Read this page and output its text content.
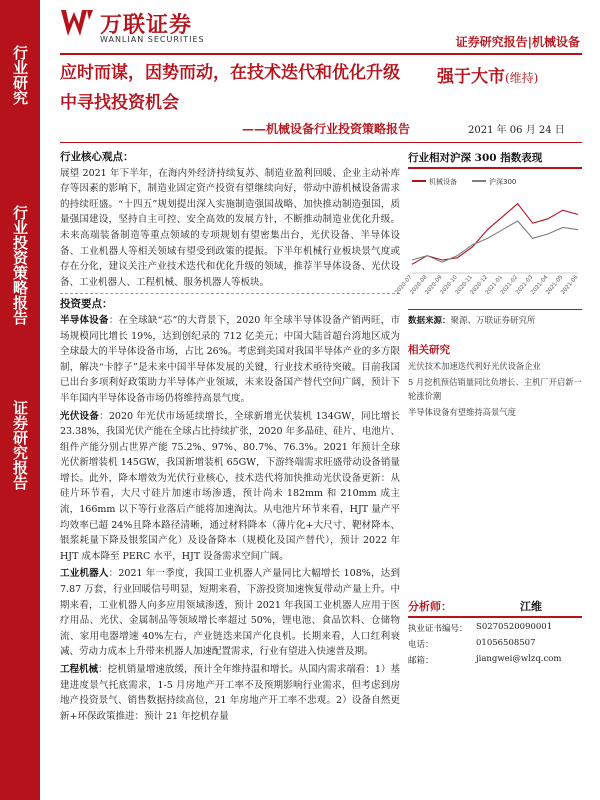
行业研究
行业投资策略报告
证券研究报告
万联证券
WANLIAN SECURITIES	证券研究报告|机械设备
应时而谋，因势而动，在技术迭代和优化升级中寻找投资机会
——机械设备行业投资策略报告
强于大市(维持)
2021 年 06 月 24 日
行业核心观点：

展望 2021 年下半年，在海内外经济持续复苏、制造业盈利回暖、企业主动补库存等因素的影响下，制造业固定资产投资有望继续向好，带动中游机械设备需求的持续旺盛。“十四五”规划提出深入实施制造强国战略、加快推动制造强国，质量强国建设，坚持自主可控、安全高效的发展方针，不断推动制造业优化升级。未来高端装备制造等重点领域的专项规划有望密集出台，光伏设备、半导体设备、工业机器人等相关领域有望受到政策的提振。下半年机械行业板块景气度或存在分化，建议关注产业技术迭代和优化升级的领域，推荐半导体设备、光伏设备、工业机器人、工程机械、服务机器人等板块。

投资要点：

半导体设备：在全球缺“芯”的大背景下，2020 年全球半导体设备产销两旺，市场规模同比增长 19%，达到创纪录的 712 亿美元；中国大陆首超台湾地区成为全球最大的半导体设备市场，占比 26%。考虑到美国对我国半导体产业的多方限制，解决“卡脖子”是未来中国半导体发展的关键，行业技术亟待突破。目前我国已出台多项利好政策助力半导体产业领域，未来设备国产替代空间广阔，预计下半年国内半导体设备市场仍将维持高景气度。

光伏设备：2020 年光伏市场延续增长，全球新增光伏装机 134GW，同比增长 23.38%，我国光伏产能在全球占比持续扩张，2020 年多晶硅、硅片、电池片、组件产能分别占世界产能 75.2%、97%、80.7%、76.3%。2021 年预计全球光伏新增装机 145GW，我国新增装机 65GW，下游终端需求旺盛带动设备销量增长。此外，降本增效为光伏行业核心，技术迭代将加快推动光伏设备更新：从硅片环节看，大尺寸硅片加速市场渗透，预计尚未 182mm 和 210mm 成主流，166mm 以下等行业落后产能将加速淘汰。从电池片环节来看，HJT 量产平均效率已超 24%且降本路径清晰，通过材料降本（薄片化+大尺寸、靶材降本、银浆耗量下降及银浆国产化）及设备降本（规模化及国产替代），预计 2022 年 HJT 成本降至 PERC 水平，HJT 设备需求空间广阔。

工业机器人：2021 年一季度，我国工业机器人产量同比大幅增长 108%，达到 7.87 万套，行业回暖信号明显，短期来看，下游投资加速恢复带动产量上升。中期来看，工业机器人向多应用领域渗透，预计 2021 年我国工业机器人应用于医疗用品、光伏、金属制品等领域增长率超过 50%，锂电池、食品饮料、仓储物流、家用电器增速 40%左右，产业链迭来国产化良机。长期来看，人口红利衰减、劳动力成本上升带来机器人加速配置需求，行业有望进入快速普及期。

工程机械：挖机销量增速放缓，预计全年维持温和增长。从国内需求端看：1）基建进度景气托底需求，1-5 月房地产开工率不及预期影响行业需求，但考虑到房地产投资景气、销售数据持续高位，21 年房地产开工率不悲观。2）设备自然更新+环保政策推进：预计 21 年挖机存量

行业相对沪深 300 指数表现
机械设备	沪深300
2020-07
2020-08
2020-09
2020-10
2020-11
2020-12
2021-01
2021-02
2021-03
2021-04
2021-05
2021-06
数据来源：聚源、万联证券研究所
相关研究
光伏技术加速迭代利好光伏设备企业
5 月挖机预估销量同比负增长、主机厂开启新一轮涨价潮
半导体设备有望维持高景气度
分析师：	江维
执业证书编号： S0270520090001
电话：	01056508507
邮箱：	jiangwei@wlzq.com
